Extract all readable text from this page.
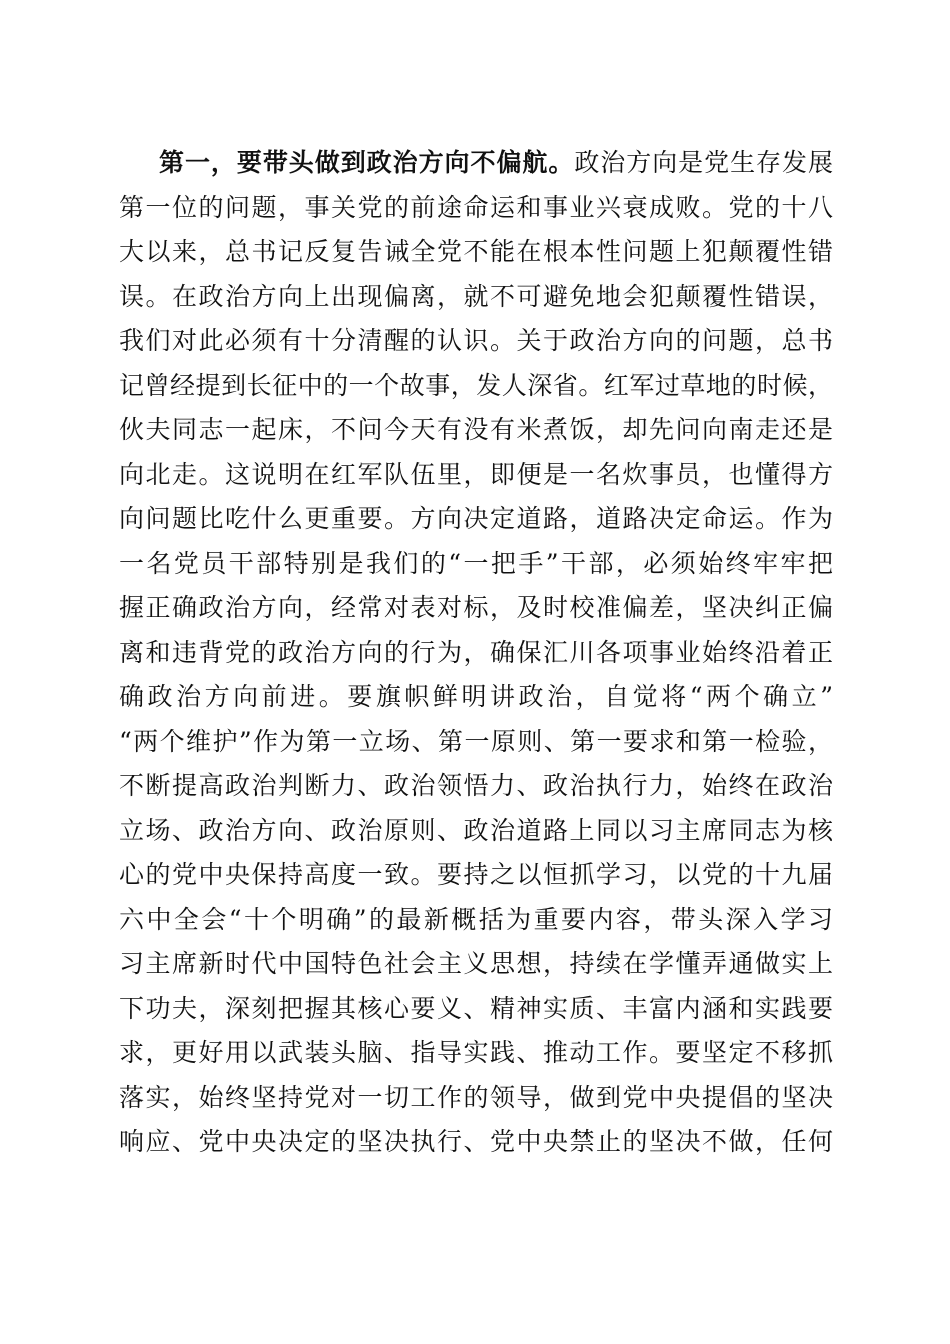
第一，要带头做到政治方向不偏航。政治方向是党生存发展
第一位的问题，事关党的前途命运和事业兴衰成败。党的十八
大以来，总书记反复告诫全党不能在根本性问题上犯颠覆性错
误。在政治方向上出现偏离，就不可避免地会犯颠覆性错误，
我们对此必须有十分清醒的认识。关于政治方向的问题，总书
记曾经提到长征中的一个故事，发人深省。红军过草地的时候，
伙夫同志一起床，不问今天有没有米煮饭，却先问向南走还是
向北走。这说明在红军队伍里，即便是一名炊事员，也懂得方
向问题比吃什么更重要。方向决定道路，道路决定命运。作为
一名党员干部特别是我们的“一把手”干部，必须始终牢牢把
握正确政治方向，经常对表对标，及时校准偏差，坚决纠正偏
离和违背党的政治方向的行为，确保汇川各项事业始终沿着正
确政治方向前进。要旗帜鲜明讲政治，自觉将“两个确立”
“两个维护”作为第一立场、第一原则、第一要求和第一检验，
不断提高政治判断力、政治领悟力、政治执行力，始终在政治
立场、政治方向、政治原则、政治道路上同以习主席同志为核
心的党中央保持高度一致。要持之以恒抓学习，以党的十九届
六中全会“十个明确”的最新概括为重要内容，带头深入学习
习主席新时代中国特色社会主义思想，持续在学懂弄通做实上
下功夫，深刻把握其核心要义、精神实质、丰富内涵和实践要
求，更好用以武装头脑、指导实践、推动工作。要坚定不移抓
落实，始终坚持党对一切工作的领导，做到党中央提倡的坚决
响应、党中央决定的坚决执行、党中央禁止的坚决不做，任何
